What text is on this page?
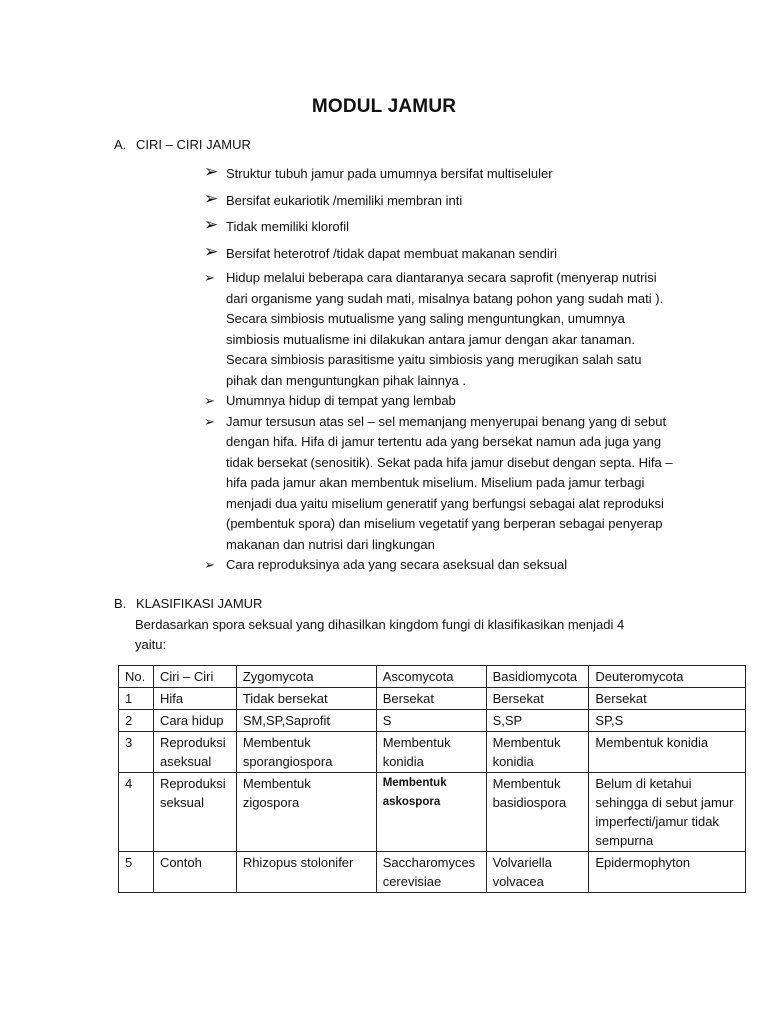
MODUL JAMUR
A. CIRI – CIRI JAMUR
➢ Struktur tubuh jamur pada umumnya bersifat multiseluler
➢ Bersifat eukariotik /memiliki membran inti
➢ Tidak memiliki klorofil
➢ Bersifat heterotrof /tidak dapat membuat makanan sendiri
➢ Hidup melalui beberapa cara diantaranya secara saprofit (menyerap nutrisi dari organisme yang sudah mati, misalnya batang pohon yang sudah mati ). Secara simbiosis mutualisme yang saling menguntungkan, umumnya simbiosis mutualisme ini dilakukan antara jamur dengan akar tanaman. Secara simbiosis parasitisme yaitu simbiosis yang merugikan salah satu pihak dan menguntungkan pihak lainnya .
➢ Umumnya hidup di tempat yang lembab
➢ Jamur tersusun atas sel – sel memanjang menyerupai benang yang di sebut dengan hifa. Hifa di jamur tertentu ada yang bersekat namun ada juga yang tidak bersekat (senositik). Sekat pada hifa jamur disebut dengan septa. Hifa – hifa pada jamur akan membentuk miselium. Miselium pada jamur terbagi menjadi dua yaitu miselium generatif yang berfungsi sebagai alat reproduksi (pembentuk spora) dan miselium vegetatif yang berperan sebagai penyerap makanan dan nutrisi dari lingkungan
➢ Cara reproduksinya ada yang secara aseksual dan seksual
B. KLASIFIKASI JAMUR
Berdasarkan spora seksual yang dihasilkan kingdom fungi di klasifikasikan menjadi 4 yaitu:
No.	Ciri – Ciri	Zygomycota	Ascomycota	Basidiomycota	Deuteromycota
1	Hifa	Tidak bersekat	Bersekat	Bersekat	Bersekat
2	Cara hidup	SM,SP,Saprofit	S	S,SP	SP,S
3	Reproduksi aseksual	Membentuk sporangiospora	Membentuk konidia	Membentuk konidia	Membentuk konidia
4	Reproduksi seksual	Membentuk zigospora	Membentuk askospora	Membentuk basidiospora	Belum di ketahui sehingga di sebut jamur imperfecti/jamur tidak sempurna
5	Contoh	Rhizopus stolonifer	Saccharomyces cerevisiae	Volvariella volvacea	Epidermophyton
